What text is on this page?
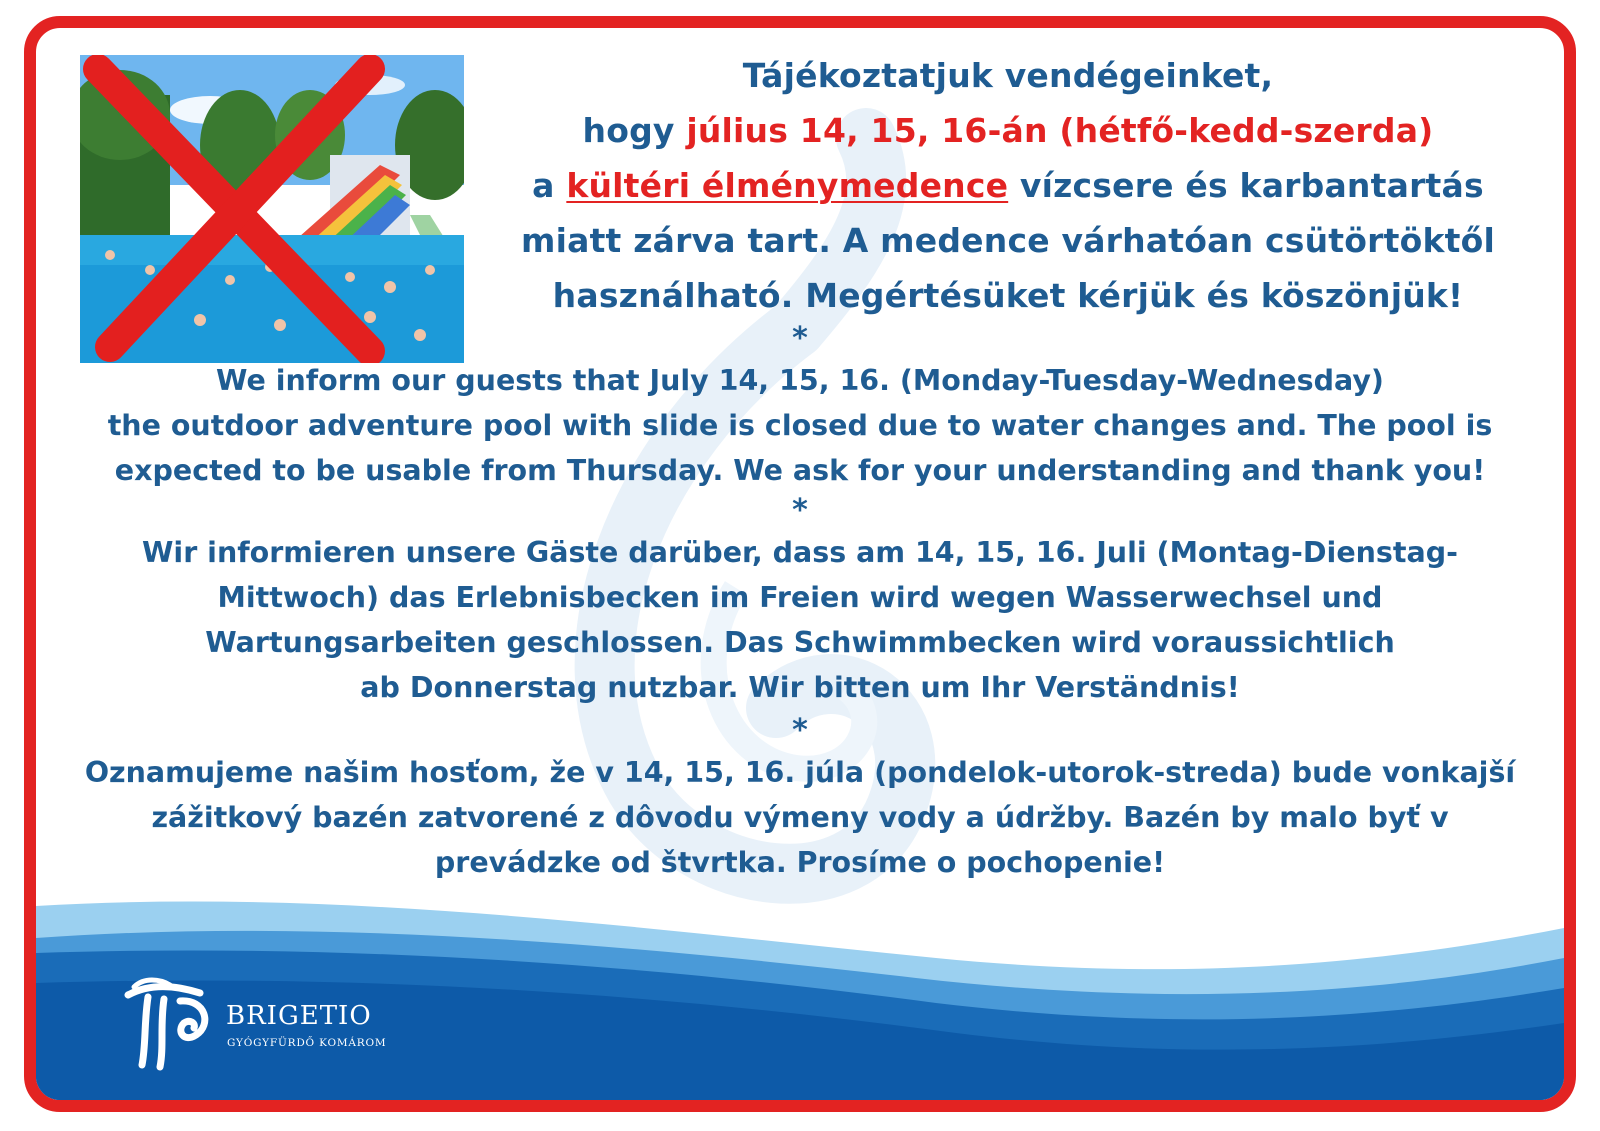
Tájékoztatjuk vendégeinket,
hogy július 14, 15, 16-án (hétfő-kedd-szerda)
a kültéri élménymedence vízcsere és karbantartás
miatt zárva tart. A medence várhatóan csütörtöktől
használható. Megértésüket kérjük és köszönjük!
*
We inform our guests that July 14, 15, 16. (Monday-Tuesday-Wednesday)
the outdoor adventure pool with slide is closed due to water changes and. The pool is
expected to be usable from Thursday. We ask for your understanding and thank you!
*
Wir informieren unsere Gäste darüber, dass am 14, 15, 16. Juli (Montag-Dienstag-
Mittwoch) das Erlebnisbecken im Freien wird wegen Wasserwechsel und
Wartungsarbeiten geschlossen. Das Schwimmbecken wird voraussichtlich
ab Donnerstag nutzbar. Wir bitten um Ihr Verständnis!
*
Oznamujeme našim hosťom, že v 14, 15, 16. júla (pondelok-utorok-streda) bude vonkajší
zážitkový bazén zatvorené z dôvodu výmeny vody a údržby. Bazén by malo byť v
prevádzke od štvrtka. Prosíme o pochopenie!
BRIGETIO
GYÓGYFÜRDŐ KOMÁROM
